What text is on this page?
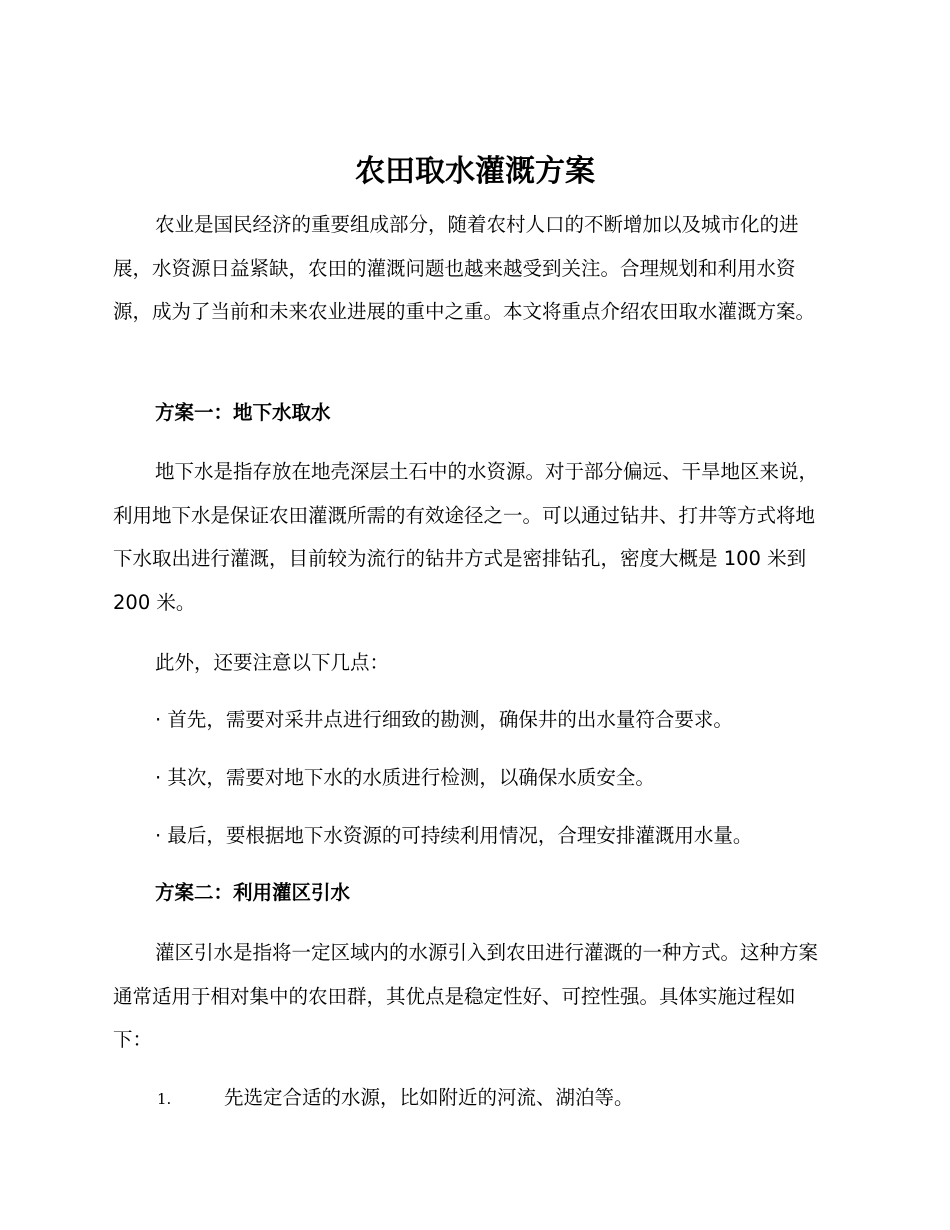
农田取水灌溉方案

农业是国民经济的重要组成部分，随着农村人口的不断增加以及城市化的进展，水资源日益紧缺，农田的灌溉问题也越来越受到关注。合理规划和利用水资源，成为了当前和未来农业进展的重中之重。本文将重点介绍农田取水灌溉方案。

方案一：地下水取水

地下水是指存放在地壳深层土石中的水资源。对于部分偏远、干旱地区来说，利用地下水是保证农田灌溉所需的有效途径之一。可以通过钻井、打井等方式将地下水取出进行灌溉，目前较为流行的钻井方式是密排钻孔，密度大概是 100 米到 200 米。

此外，还要注意以下几点：

· 首先，需要对采井点进行细致的勘测，确保井的出水量符合要求。

· 其次，需要对地下水的水质进行检测，以确保水质安全。

· 最后，要根据地下水资源的可持续利用情况，合理安排灌溉用水量。

方案二：利用灌区引水

灌区引水是指将一定区域内的水源引入到农田进行灌溉的一种方式。这种方案通常适用于相对集中的农田群，其优点是稳定性好、可控性强。具体实施过程如下：

1.	先选定合适的水源，比如附近的河流、湖泊等。
